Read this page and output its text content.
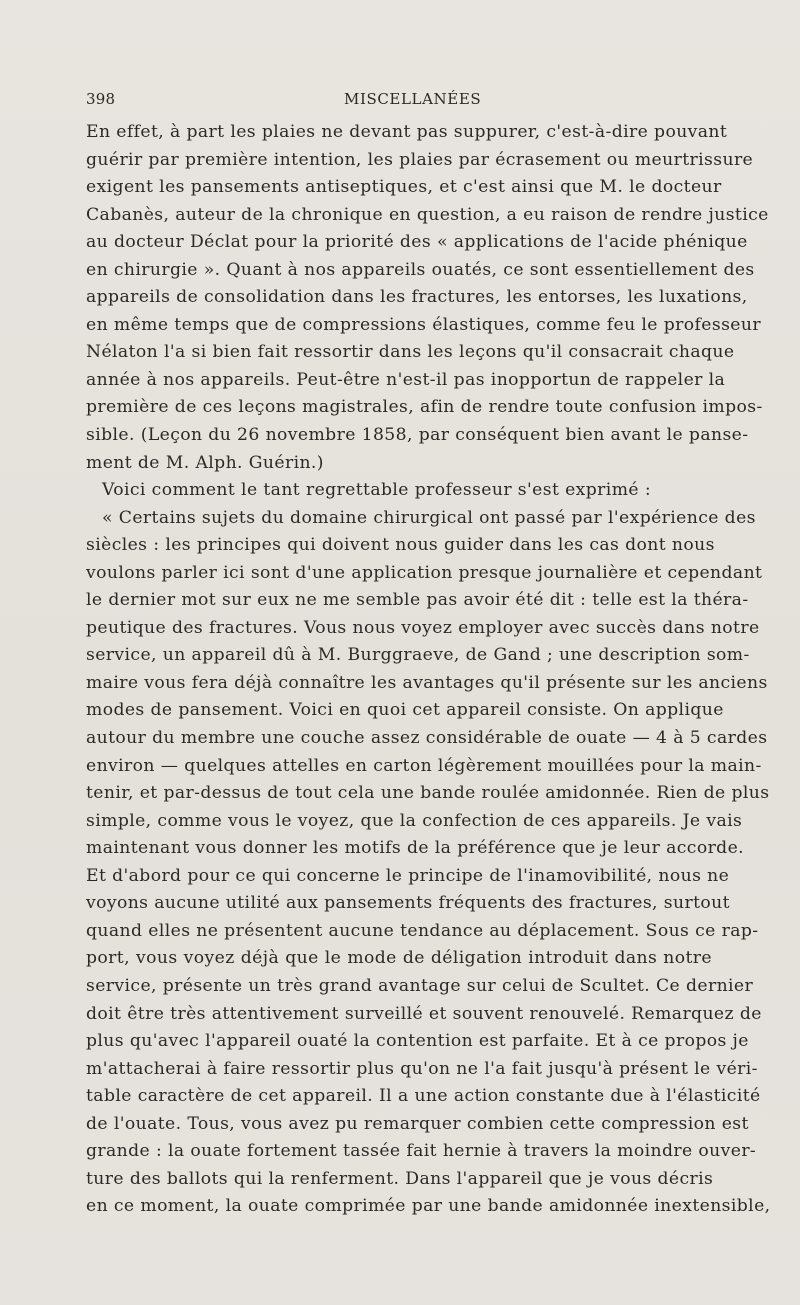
398	MISCELLANÉES
En effet, à part les plaies ne devant pas suppurer, c'est-à-dire pouvant
guérir par première intention, les plaies par écrasement ou meurtrissure
exigent les pansements antiseptiques, et c'est ainsi que M. le docteur
Cabanès, auteur de la chronique en question, a eu raison de rendre justice
au docteur Déclat pour la priorité des « applications de l'acide phénique
en chirurgie ». Quant à nos appareils ouatés, ce sont essentiellement des
appareils de consolidation dans les fractures, les entorses, les luxations,
en même temps que de compressions élastiques, comme feu le professeur
Nélaton l'a si bien fait ressortir dans les leçons qu'il consacrait chaque
année à nos appareils. Peut-être n'est-il pas inopportun de rappeler la
première de ces leçons magistrales, afin de rendre toute confusion impos-
sible. (Leçon du 26 novembre 1858, par conséquent bien avant le panse-
ment de M. Alph. Guérin.)
Voici comment le tant regrettable professeur s'est exprimé :
« Certains sujets du domaine chirurgical ont passé par l'expérience des
siècles : les principes qui doivent nous guider dans les cas dont nous
voulons parler ici sont d'une application presque journalière et cependant
le dernier mot sur eux ne me semble pas avoir été dit : telle est la théra-
peutique des fractures. Vous nous voyez employer avec succès dans notre
service, un appareil dû à M. Burggraeve, de Gand ; une description som-
maire vous fera déjà connaître les avantages qu'il présente sur les anciens
modes de pansement. Voici en quoi cet appareil consiste. On applique
autour du membre une couche assez considérable de ouate — 4 à 5 cardes
environ — quelques attelles en carton légèrement mouillées pour la main-
tenir, et par-dessus de tout cela une bande roulée amidonnée. Rien de plus
simple, comme vous le voyez, que la confection de ces appareils. Je vais
maintenant vous donner les motifs de la préférence que je leur accorde.
Et d'abord pour ce qui concerne le principe de l'inamovibilité, nous ne
voyons aucune utilité aux pansements fréquents des fractures, surtout
quand elles ne présentent aucune tendance au déplacement. Sous ce rap-
port, vous voyez déjà que le mode de déligation introduit dans notre
service, présente un très grand avantage sur celui de Scultet. Ce dernier
doit être très attentivement surveillé et souvent renouvelé. Remarquez de
plus qu'avec l'appareil ouaté la contention est parfaite. Et à ce propos je
m'attacherai à faire ressortir plus qu'on ne l'a fait jusqu'à présent le véri-
table caractère de cet appareil. Il a une action constante due à l'élasticité
de l'ouate. Tous, vous avez pu remarquer combien cette compression est
grande : la ouate fortement tassée fait hernie à travers la moindre ouver-
ture des ballots qui la renferment. Dans l'appareil que je vous décris
en ce moment, la ouate comprimée par une bande amidonnée inextensible,
